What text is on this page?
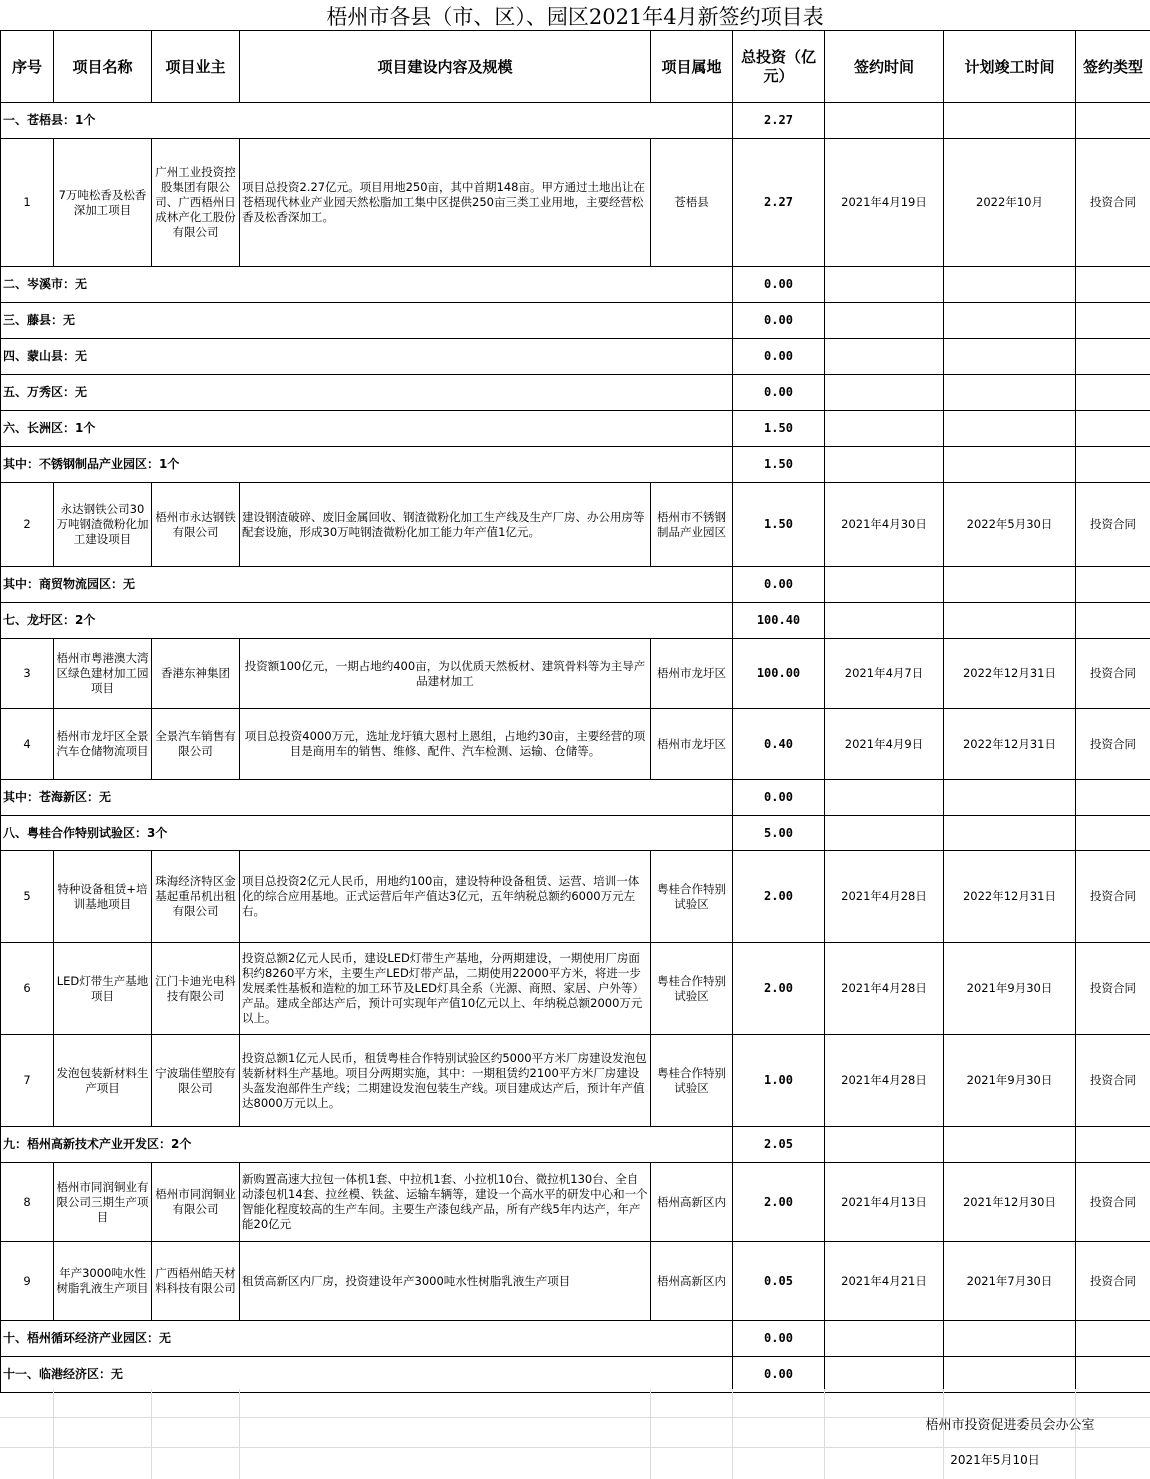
梧州市各县（市、区）、园区2021年4月新签约项目表
序号	项目名称	项目业主	项目建设内容及规模	项目属地	总投资（亿元）	签约时间	计划竣工时间	签约类型
一、苍梧县：1个					2.27			
1	7万吨松香及松香深加工项目	广州工业投资控股集团有限公司、广西梧州日成林产化工股份有限公司	项目总投资2.27亿元。项目用地250亩，其中首期148亩。甲方通过土地出让在苍梧现代林业产业园天然松脂加工集中区提供250亩三类工业用地，主要经营松香及松香深加工。	苍梧县	2.27	2021年4月19日	2022年10月	投资合同
二、岑溪市：无					0.00			
三、藤县：无					0.00			
四、蒙山县：无					0.00			
五、万秀区：无					0.00			
六、长洲区：1个					1.50			
其中：不锈钢制品产业园区：1个					1.50			
2	永达钢铁公司30万吨钢渣微粉化加工建设项目	梧州市永达钢铁有限公司	建设钢渣破碎、废旧金属回收、钢渣微粉化加工生产线及生产厂房、办公用房等配套设施，形成30万吨钢渣微粉化加工能力年产值1亿元。	梧州市不锈钢制品产业园区	1.50	2021年4月30日	2022年5月30日	投资合同
其中：商贸物流园区：无					0.00			
七、龙圩区：2个					100.40			
3	梧州市粤港澳大湾区绿色建材加工园项目	香港东神集团	投资额100亿元，一期占地约400亩，为以优质天然板材、建筑骨料等为主导产品建材加工	梧州市龙圩区	100.00	2021年4月7日	2022年12月31日	投资合同
4	梧州市龙圩区全景汽车仓储物流项目	全景汽车销售有限公司	项目总投资4000万元，选址龙圩镇大恩村上恩组，占地约30亩，主要经营的项目是商用车的销售、维修、配件、汽车检测、运输、仓储等。	梧州市龙圩区	0.40	2021年4月9日	2022年12月31日	投资合同
其中：苍海新区：无					0.00			
八、粤桂合作特别试验区：3个					5.00			
5	特种设备租赁+培训基地项目	珠海经济特区金基起重吊机出租有限公司	项目总投资2亿元人民币，用地约100亩，建设特种设备租赁、运营、培训一体化的综合应用基地。正式运营后年产值达3亿元，五年纳税总额约6000万元左右。	粤桂合作特别试验区	2.00	2021年4月28日	2022年12月31日	投资合同
6	LED灯带生产基地项目	江门卡迪光电科技有限公司	投资总额2亿元人民币，建设LED灯带生产基地，分两期建设，一期使用厂房面积约8260平方米，主要生产LED灯带产品，二期使用22000平方米，将进一步发展柔性基板和造粒的加工环节及LED灯具全系（光源、商照、家居、户外等）产品。建成全部达产后，预计可实现年产值10亿元以上、年纳税总额2000万元以上。	粤桂合作特别试验区	2.00	2021年4月28日	2021年9月30日	投资合同
7	发泡包装新材料生产项目	宁波瑞佳塑胶有限公司	投资总额1亿元人民币，租赁粤桂合作特别试验区约5000平方米厂房建设发泡包装新材料生产基地。项目分两期实施，其中：一期租赁约2100平方米厂房建设头盔发泡部件生产线；二期建设发泡包装生产线。项目建成达产后，预计年产值达8000万元以上。	粤桂合作特别试验区	1.00	2021年4月28日	2021年9月30日	投资合同
九：梧州高新技术产业开发区：2个					2.05			
8	梧州市同润铜业有限公司三期生产项目	梧州市同润铜业有限公司	新购置高速大拉包一体机1套、中拉机1套、小拉机10台、微拉机130台、全自动漆包机14套、拉丝模、铁盆、运输车辆等，建设一个高水平的研发中心和一个智能化程度较高的生产车间。主要生产漆包线产品，所有产线5年内达产，年产能20亿元	梧州高新区内	2.00	2021年4月13日	2021年12月30日	投资合同
9	年产3000吨水性树脂乳液生产项目	广西梧州皓天材料科技有限公司	租赁高新区内厂房，投资建设年产3000吨水性树脂乳液生产项目	梧州高新区内	0.05	2021年4月21日	2021年7月30日	投资合同
十、梧州循环经济产业园区：无					0.00			
十一、临港经济区：无					0.00			
梧州市投资促进委员会办公室
2021年5月10日
